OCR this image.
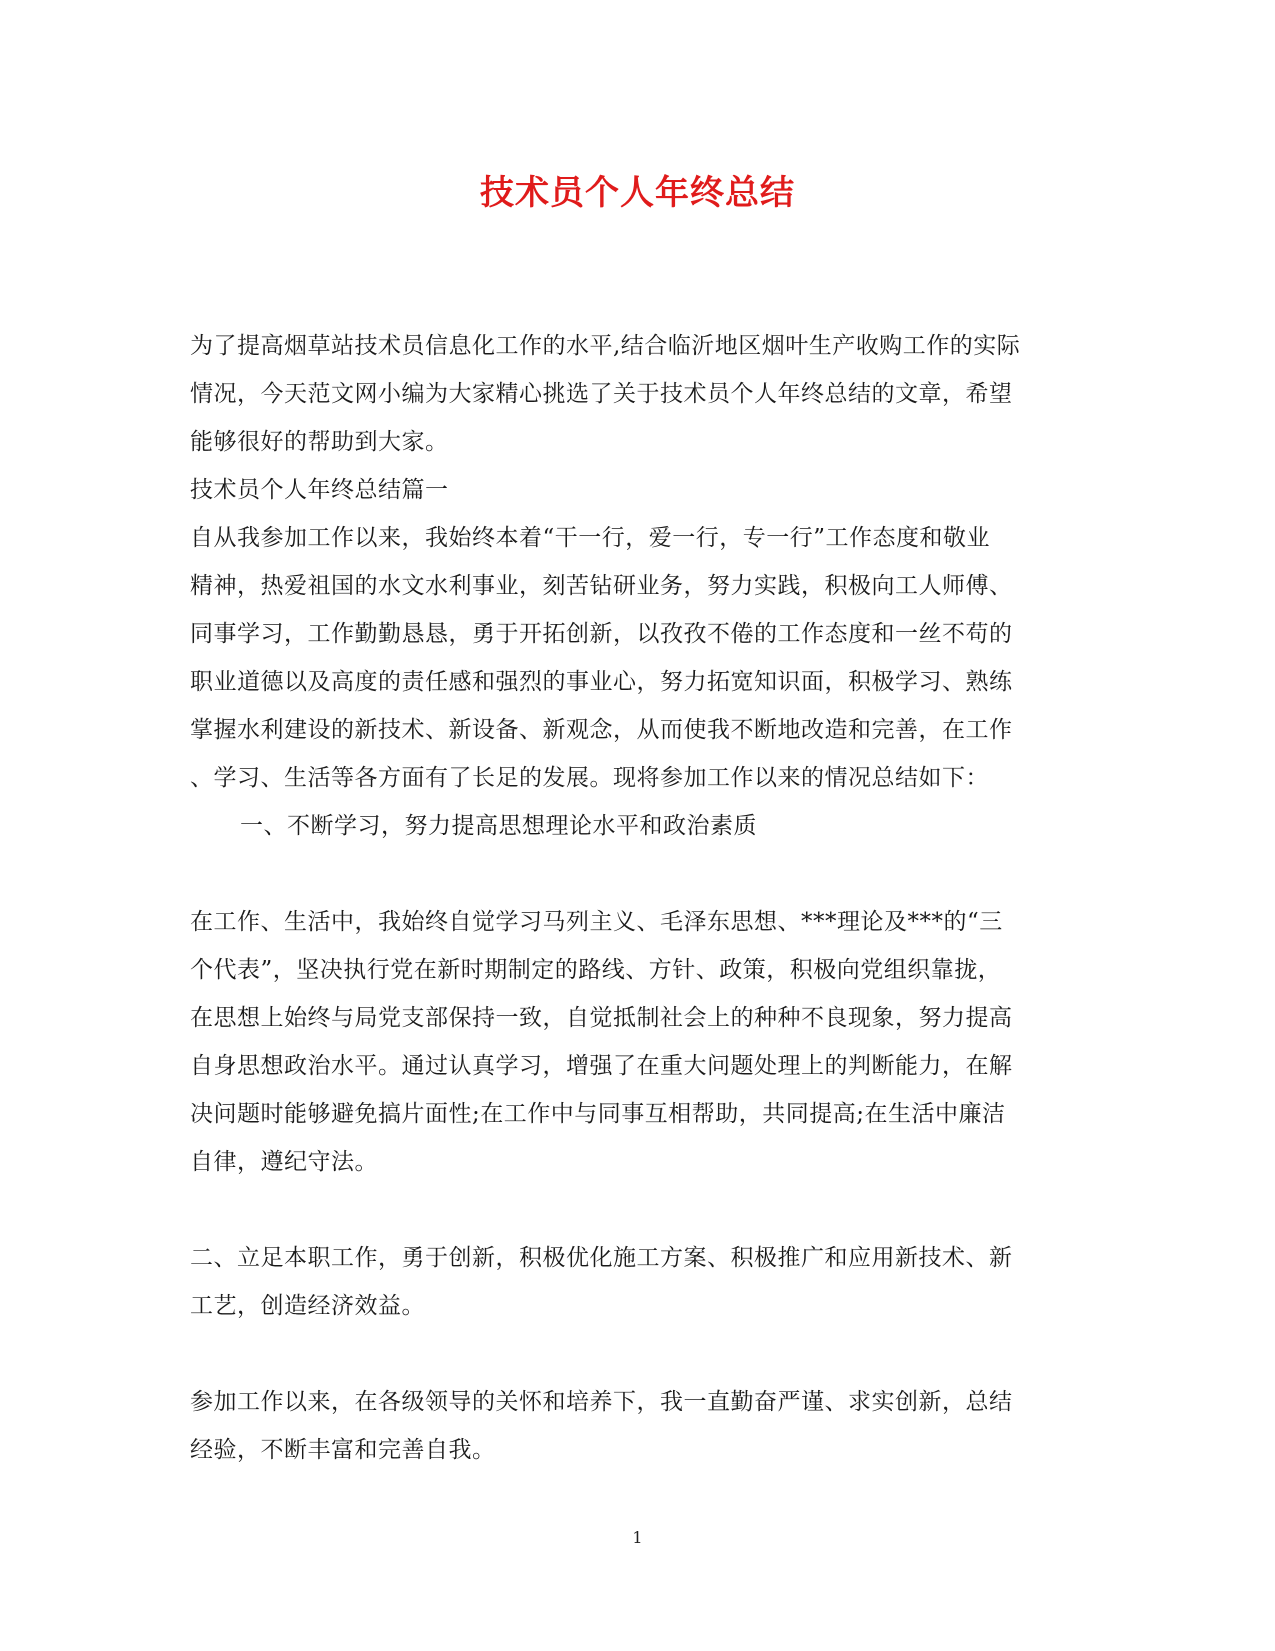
技术员个人年终总结
为了提高烟草站技术员信息化工作的水平,结合临沂地区烟叶生产收购工作的实际
情况，今天范文网小编为大家精心挑选了关于技术员个人年终总结的文章，希望
能够很好的帮助到大家。
技术员个人年终总结篇一
自从我参加工作以来，我始终本着“干一行，爱一行，专一行”工作态度和敬业
精神，热爱祖国的水文水利事业，刻苦钻研业务，努力实践，积极向工人师傅、
同事学习，工作勤勤恳恳，勇于开拓创新，以孜孜不倦的工作态度和一丝不苟的
职业道德以及高度的责任感和强烈的事业心，努力拓宽知识面，积极学习、熟练
掌握水利建设的新技术、新设备、新观念，从而使我不断地改造和完善，在工作
、学习、生活等各方面有了长足的发展。现将参加工作以来的情况总结如下：
一、不断学习，努力提高思想理论水平和政治素质
在工作、生活中，我始终自觉学习马列主义、毛泽东思想、***理论及***的“三
个代表”，坚决执行党在新时期制定的路线、方针、政策，积极向党组织靠拢，
在思想上始终与局党支部保持一致，自觉抵制社会上的种种不良现象，努力提高
自身思想政治水平。通过认真学习，增强了在重大问题处理上的判断能力，在解
决问题时能够避免搞片面性;在工作中与同事互相帮助，共同提高;在生活中廉洁
自律，遵纪守法。
二、立足本职工作，勇于创新，积极优化施工方案、积极推广和应用新技术、新
工艺，创造经济效益。
参加工作以来，在各级领导的关怀和培养下，我一直勤奋严谨、求实创新，总结
经验，不断丰富和完善自我。
1
